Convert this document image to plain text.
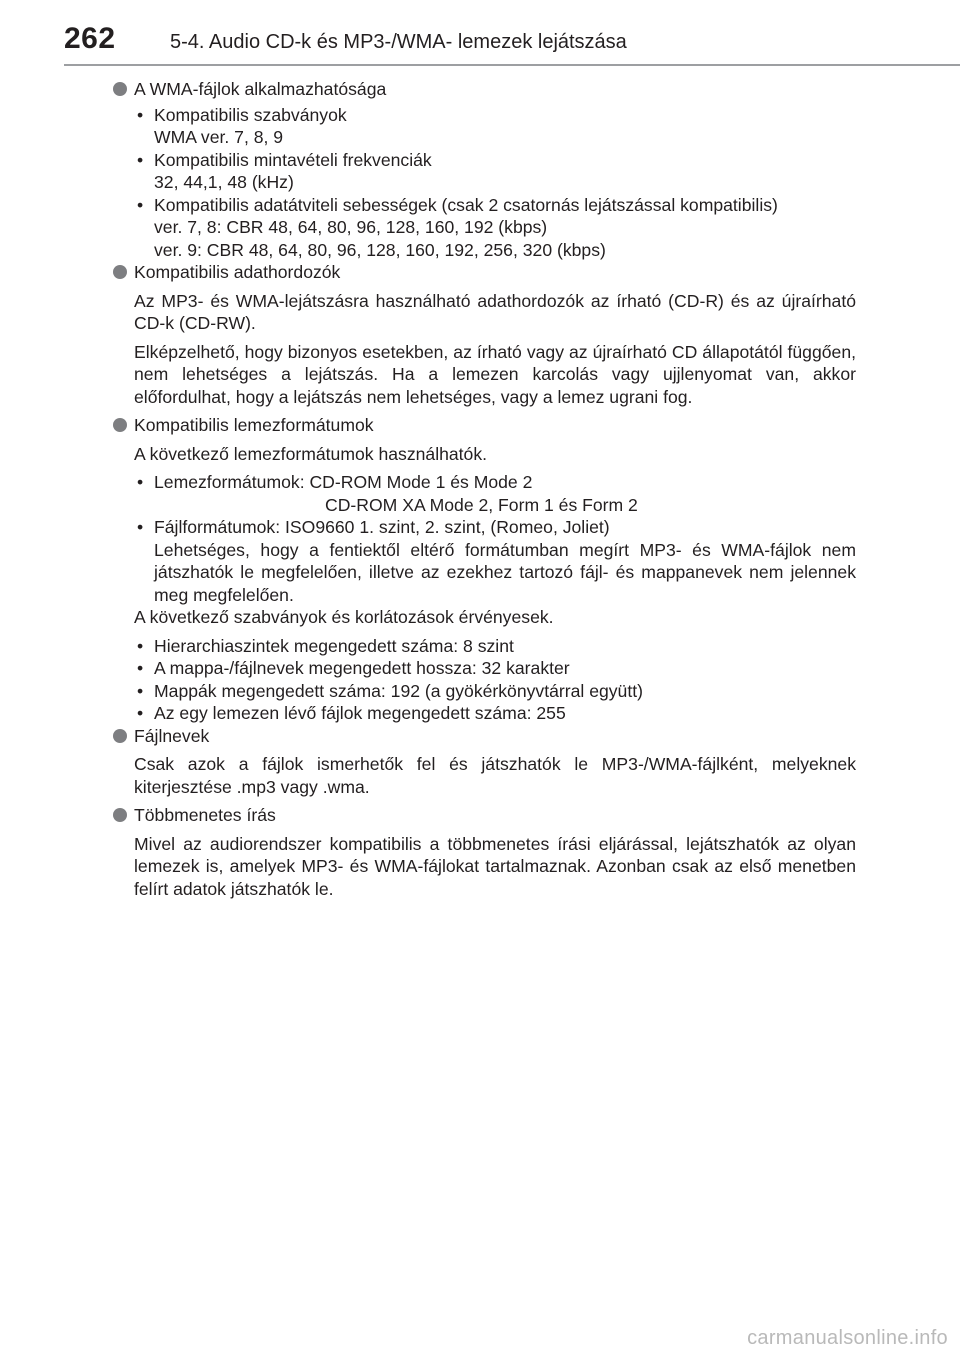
262	5-4. Audio CD-k és MP3-/WMA- lemezek lejátszása
A WMA-fájlok alkalmazhatósága
• Kompatibilis szabványok
WMA ver. 7, 8, 9
• Kompatibilis mintavételi frekvenciák
32, 44,1, 48 (kHz)
• Kompatibilis adatátviteli sebességek (csak 2 csatornás lejátszással kompatibilis)
ver. 7, 8: CBR 48, 64, 80, 96, 128, 160, 192 (kbps)
ver. 9: CBR 48, 64, 80, 96, 128, 160, 192, 256, 320 (kbps)
Kompatibilis adathordozók
Az MP3- és WMA-lejátszásra használható adathordozók az írható (CD-R) és az újraírható CD-k (CD-RW).
Elképzelhető, hogy bizonyos esetekben, az írható vagy az újraírható CD állapotától függően, nem lehetséges a lejátszás. Ha a lemezen karcolás vagy ujjlenyomat van, akkor előfordulhat, hogy a lejátszás nem lehetséges, vagy a lemez ugrani fog.
Kompatibilis lemezformátumok
A következő lemezformátumok használhatók.
• Lemezformátumok: CD-ROM Mode 1 és Mode 2
CD-ROM XA Mode 2, Form 1 és Form 2
• Fájlformátumok: ISO9660 1. szint, 2. szint, (Romeo, Joliet)
Lehetséges, hogy a fentiektől eltérő formátumban megírt MP3- és WMA-fájlok nem játszhatók le megfelelően, illetve az ezekhez tartozó fájl- és mappanevek nem jelennek meg megfelelően.
A következő szabványok és korlátozások érvényesek.
• Hierarchiaszintek megengedett száma: 8 szint
• A mappa-/fájlnevek megengedett hossza: 32 karakter
• Mappák megengedett száma: 192 (a gyökérkönyvtárral együtt)
• Az egy lemezen lévő fájlok megengedett száma: 255
Fájlnevek
Csak azok a fájlok ismerhetők fel és játszhatók le MP3-/WMA-fájlként, melyeknek kiterjesztése .mp3 vagy .wma.
Többmenetes írás
Mivel az audiorendszer kompatibilis a többmenetes írási eljárással, lejátszhatók az olyan lemezek is, amelyek MP3- és WMA-fájlokat tartalmaznak. Azonban csak az első menetben felírt adatok játszhatók le.
carmanualsonline.info
